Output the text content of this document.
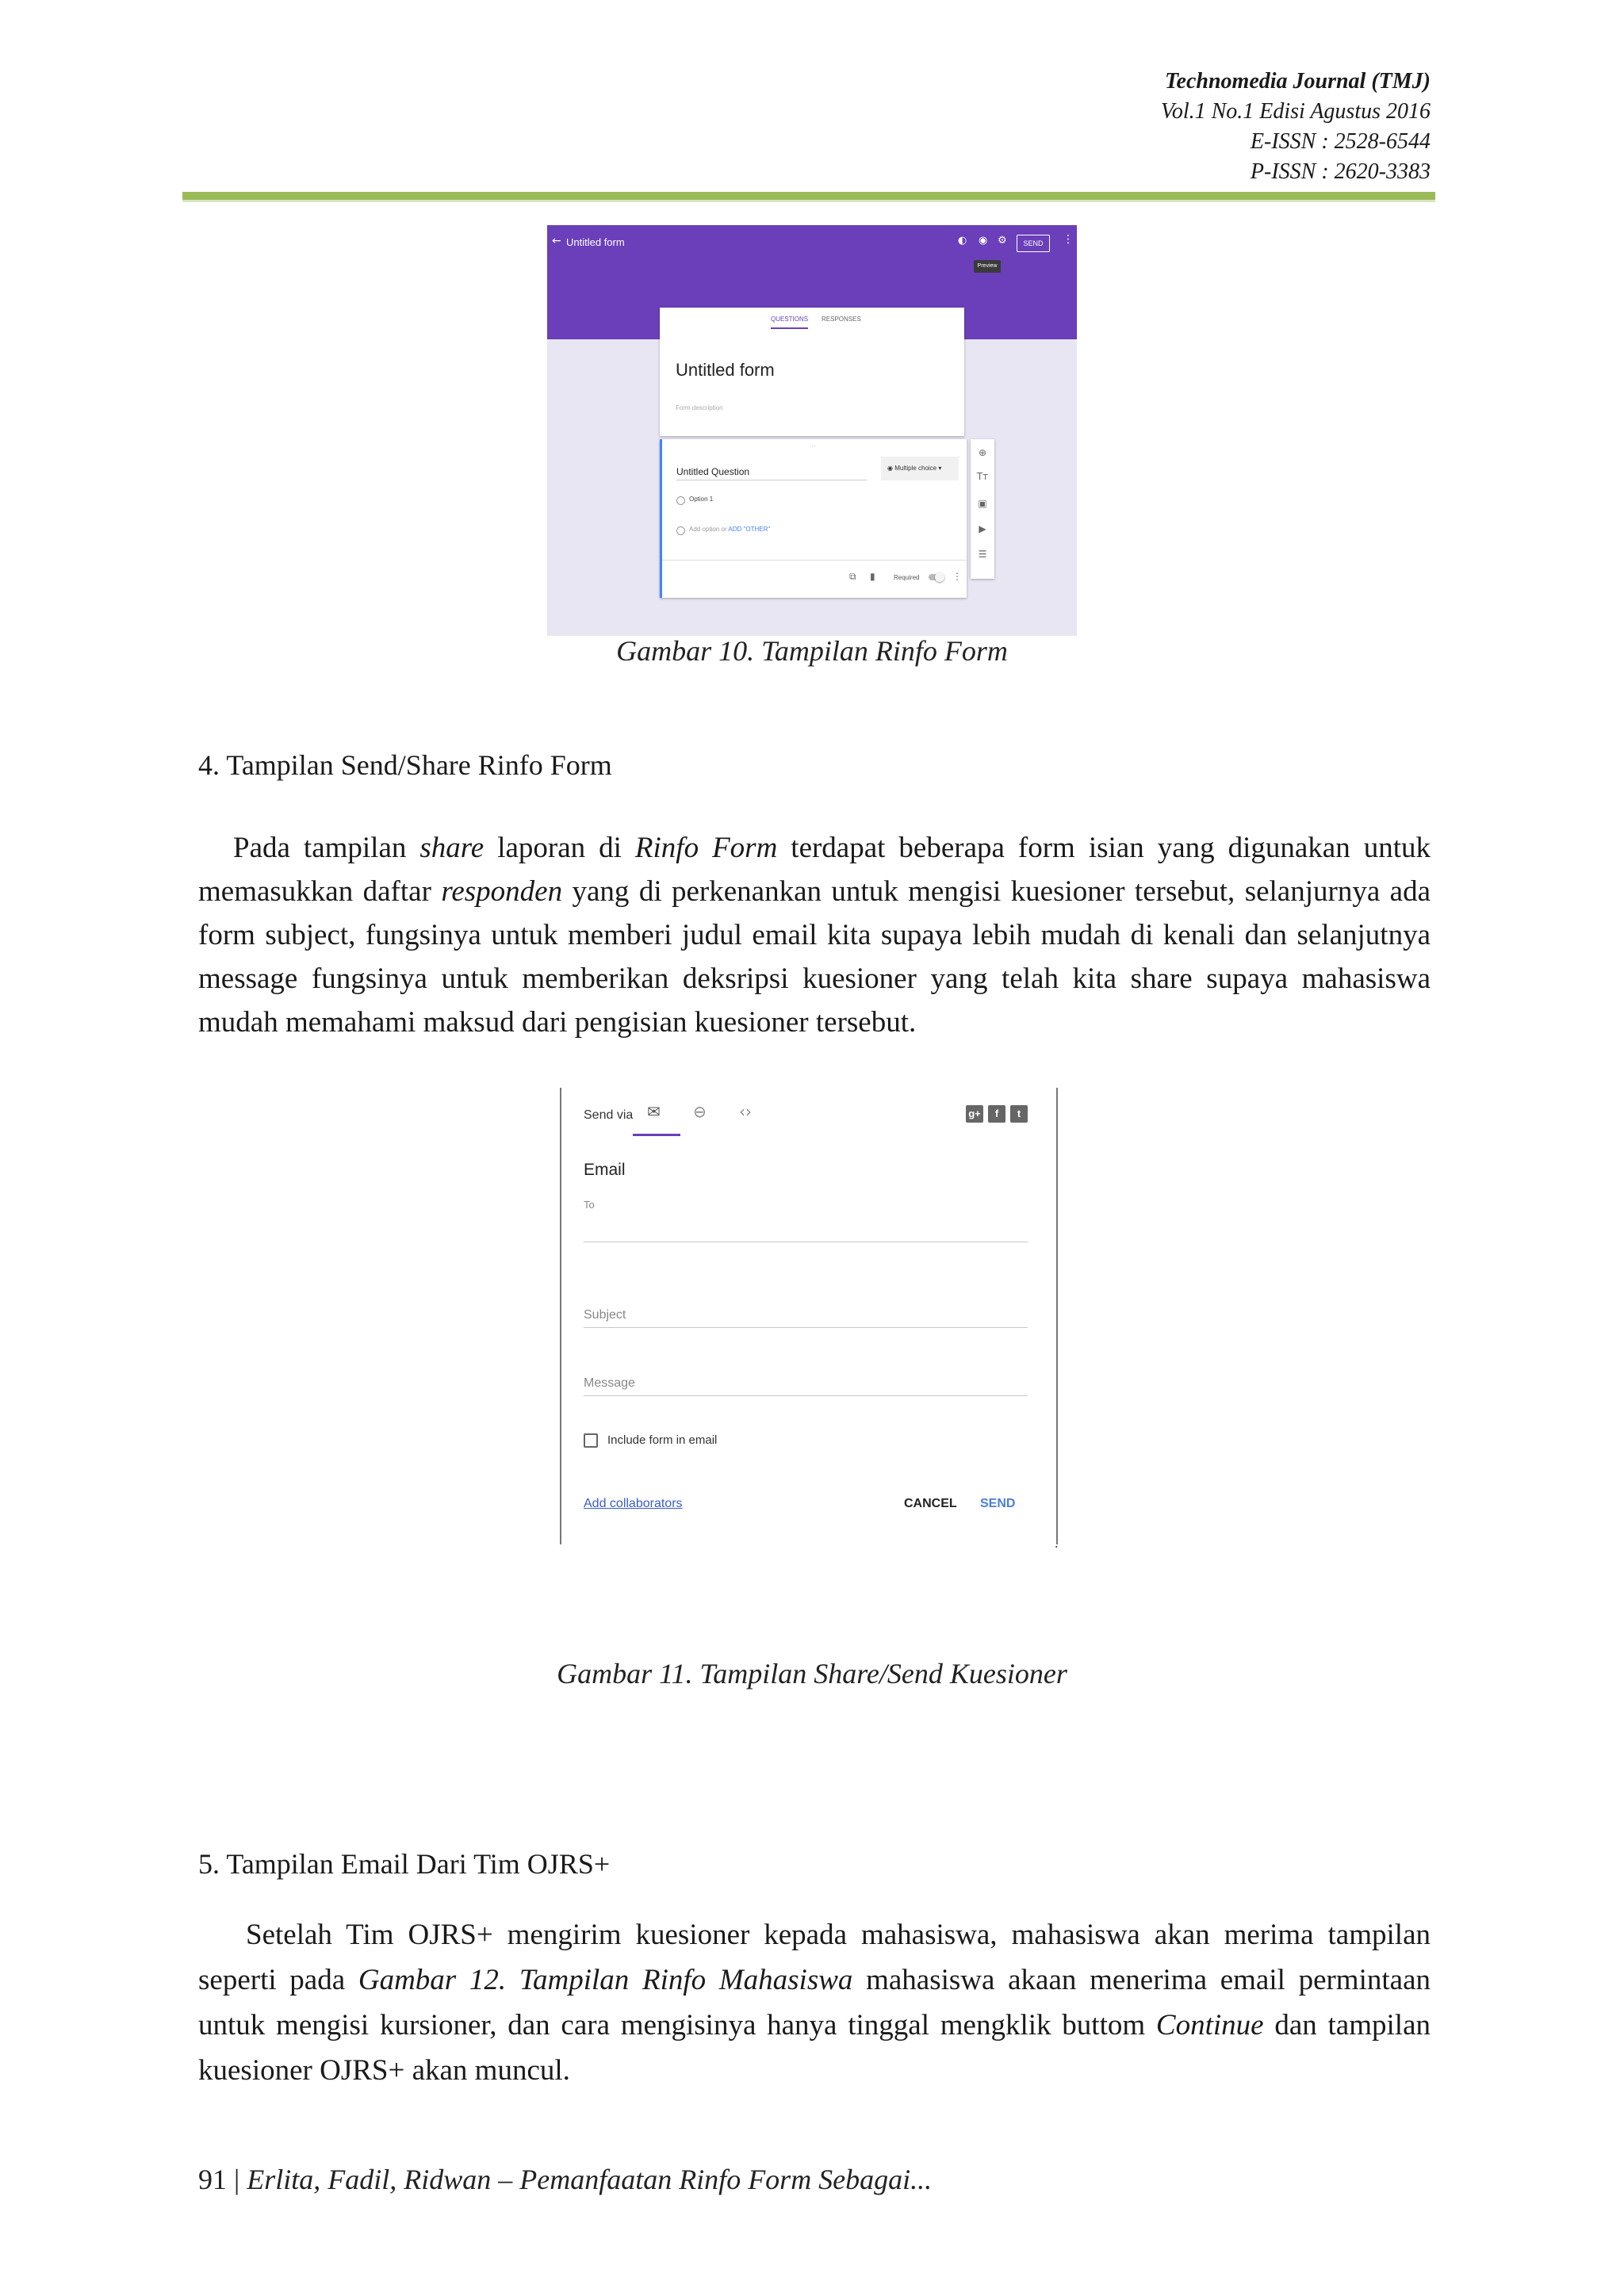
Technomedia Journal (TMJ)
Vol.1 No.1 Edisi Agustus 2016
E-ISSN : 2528-6544
P-ISSN : 2620-3383
← Untitled form	◐ ◉ ⚙	SEND	⋮
Preview
QUESTIONS RESPONSES
Untitled form
Form description
⋯
Untitled Question	◉ Multiple choice ▾
Option 1
Add option or ADD "OTHER"
⧉ ▮	Required	⋮
⊕
Tт
▣
▶
☰
Gambar 10. Tampilan Rinfo Form
4. Tampilan Send/Share Rinfo Form

Pada tampilan share laporan di Rinfo Form terdapat beberapa form isian yang digunakan untuk memasukkan daftar responden yang di perkenankan untuk mengisi kuesioner tersebut, selanjurnya ada form subject, fungsinya untuk memberi judul email kita supaya lebih mudah di kenali dan selanjutnya message fungsinya untuk memberikan deksripsi kuesioner yang telah kita share supaya mahasiswa mudah memahami maksud dari pengisian kuesioner tersebut.

Send via ✉ ⊖ ‹›	g+	f	t
Email
To
Subject
Message
Include form in email
Add collaborators	CANCEL SEND
.
Gambar 11. Tampilan Share/Send Kuesioner
5. Tampilan Email Dari Tim OJRS+

Setelah Tim OJRS+ mengirim kuesioner kepada mahasiswa, mahasiswa akan merima tampilan seperti pada Gambar 12. Tampilan Rinfo Mahasiswa mahasiswa akaan menerima email permintaan untuk mengisi kursioner, dan cara mengisinya hanya tinggal mengklik buttom Continue dan tampilan kuesioner OJRS+ akan muncul.

91 | Erlita, Fadil, Ridwan – Pemanfaatan Rinfo Form Sebagai...
